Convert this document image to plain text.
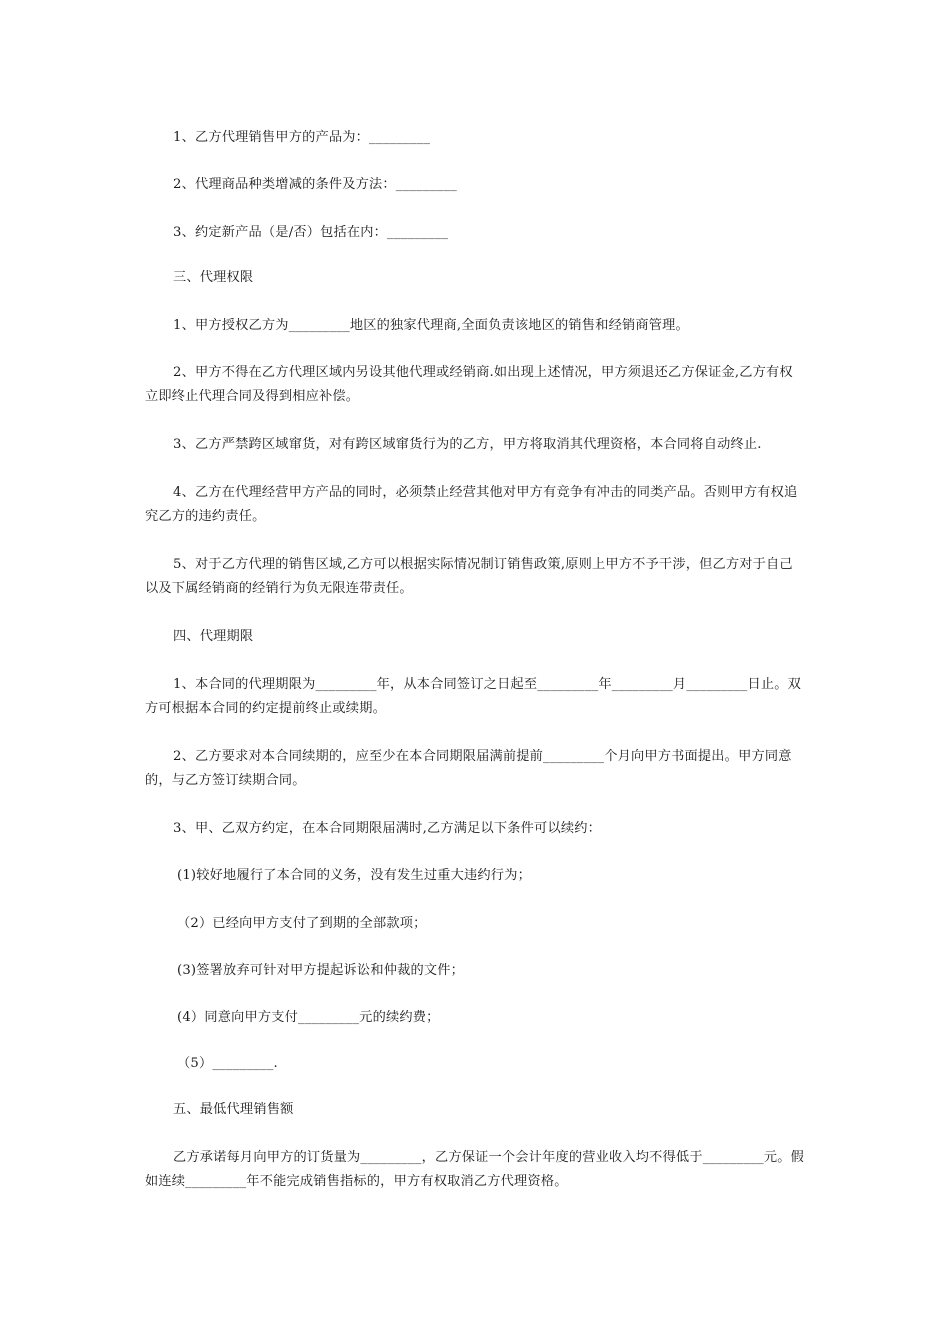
1、乙方代理销售甲方的产品为：_________

2、代理商品种类增减的条件及方法：_________

3、约定新产品（是/否）包括在内：_________

三、代理权限

1、甲方授权乙方为_________地区的独家代理商,全面负责该地区的销售和经销商管理。

2、甲方不得在乙方代理区域内另设其他代理或经销商.如出现上述情况，甲方须退还乙方保证金,乙方有权立即终止代理合同及得到相应补偿。

3、乙方严禁跨区域窜货，对有跨区域窜货行为的乙方，甲方将取消其代理资格，本合同将自动终止.

4、乙方在代理经营甲方产品的同时，必须禁止经营其他对甲方有竞争有冲击的同类产品。否则甲方有权追究乙方的违约责任。

5、对于乙方代理的销售区域,乙方可以根据实际情况制订销售政策,原则上甲方不予干涉，但乙方对于自己以及下属经销商的经销行为负无限连带责任。

四、代理期限

1、本合同的代理期限为_________年，从本合同签订之日起至_________年_________月_________日止。双方可根据本合同的约定提前终止或续期。

2、乙方要求对本合同续期的，应至少在本合同期限届满前提前_________个月向甲方书面提出。甲方同意的，与乙方签订续期合同。

3、甲、乙双方约定，在本合同期限届满时,乙方满足以下条件可以续约：

(1)较好地履行了本合同的义务，没有发生过重大违约行为；

（2）已经向甲方支付了到期的全部款项；

(3)签署放弃可针对甲方提起诉讼和仲裁的文件；

(4）同意向甲方支付_________元的续约费；

（5）_________.

五、最低代理销售额

乙方承诺每月向甲方的订货量为_________，乙方保证一个会计年度的营业收入均不得低于_________元。假如连续_________年不能完成销售指标的，甲方有权取消乙方代理资格。
